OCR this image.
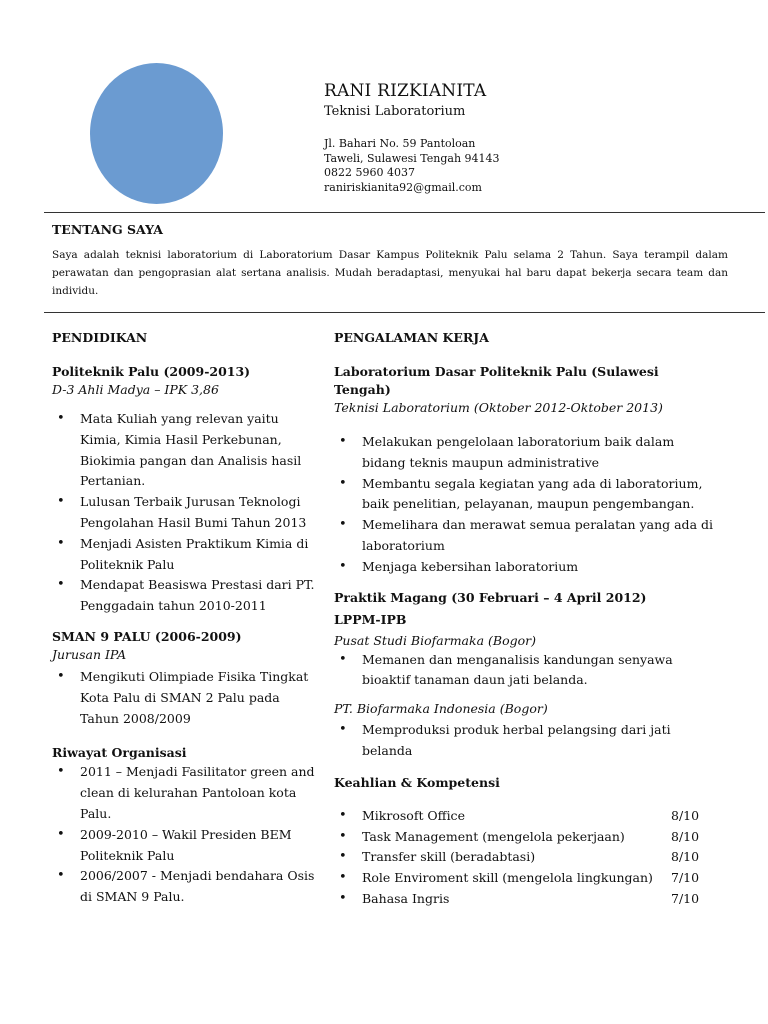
RANI RIZKIANITA
Teknisi Laboratorium
Jl. Bahari No. 59 Pantoloan
Taweli, Sulawesi Tengah 94143
0822 5960 4037
raniriskianita92@gmail.com
TENTANG SAYA
Saya adalah teknisi laboratorium di Laboratorium Dasar Kampus Politeknik Palu selama 2 Tahun. Saya terampil dalam perawatan dan pengoprasian alat sertana analisis. Mudah beradaptasi, menyukai hal baru dapat bekerja secara team dan individu.
PENDIDIKAN
Politeknik Palu (2009-2013)
D-3 Ahli Madya – IPK 3,86
• Mata Kuliah yang relevan yaitu Kimia, Kimia Hasil Perkebunan, Biokimia pangan dan Analisis hasil Pertanian.
• Lulusan Terbaik Jurusan Teknologi Pengolahan Hasil Bumi Tahun 2013
• Menjadi Asisten Praktikum Kimia di Politeknik Palu
• Mendapat Beasiswa Prestasi dari PT. Penggadain tahun 2010-2011
SMAN 9 PALU (2006-2009)
Jurusan IPA
• Mengikuti Olimpiade Fisika Tingkat Kota Palu di SMAN 2 Palu pada Tahun 2008/2009
Riwayat Organisasi
• 2011 – Menjadi Fasilitator green and clean di kelurahan Pantoloan kota Palu.
• 2009-2010 – Wakil Presiden BEM Politeknik Palu
• 2006/2007 - Menjadi bendahara Osis di SMAN 9 Palu.
PENGALAMAN KERJA
Laboratorium Dasar Politeknik Palu (Sulawesi Tengah)
Teknisi Laboratorium (Oktober 2012-Oktober 2013)
• Melakukan pengelolaan laboratorium baik dalam bidang teknis maupun administrative
• Membantu segala kegiatan yang ada di laboratorium, baik penelitian, pelayanan, maupun pengembangan.
• Memelihara dan merawat semua peralatan yang ada di laboratorium
• Menjaga kebersihan laboratorium
Praktik Magang (30 Februari – 4 April 2012)
LPPM-IPB
Pusat Studi Biofarmaka (Bogor)
• Memanen dan menganalisis kandungan senyawa bioaktif tanaman daun jati belanda.
PT. Biofarmaka Indonesia (Bogor)
• Memproduksi produk herbal pelangsing dari jati belanda
Keahlian & Kompetensi
• Mikrosoft Office	8/10
• Task Management (mengelola pekerjaan)	8/10
• Transfer skill (beradabtasi)	8/10
• Role Enviroment skill (mengelola lingkungan)	7/10
• Bahasa Ingris	7/10
